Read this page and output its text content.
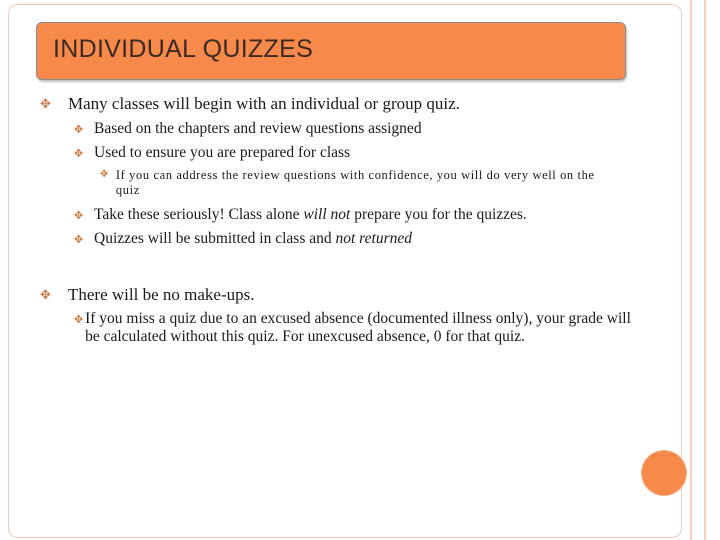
INDIVIDUAL QUIZZES
✥	Many classes will begin with an individual or group quiz.
✥ Based on the chapters and review questions assigned
✥ Used to ensure you are prepared for class
✥ If you can address the review questions with confidence, you will do very well on the quiz
✥ Take these seriously! Class alone will not prepare you for the quizzes.
✥ Quizzes will be submitted in class and not returned
✥	There will be no make-ups.
✥ If you miss a quiz due to an excused absence (documented illness only), your grade will be calculated without this quiz. For unexcused absence, 0 for that quiz.
